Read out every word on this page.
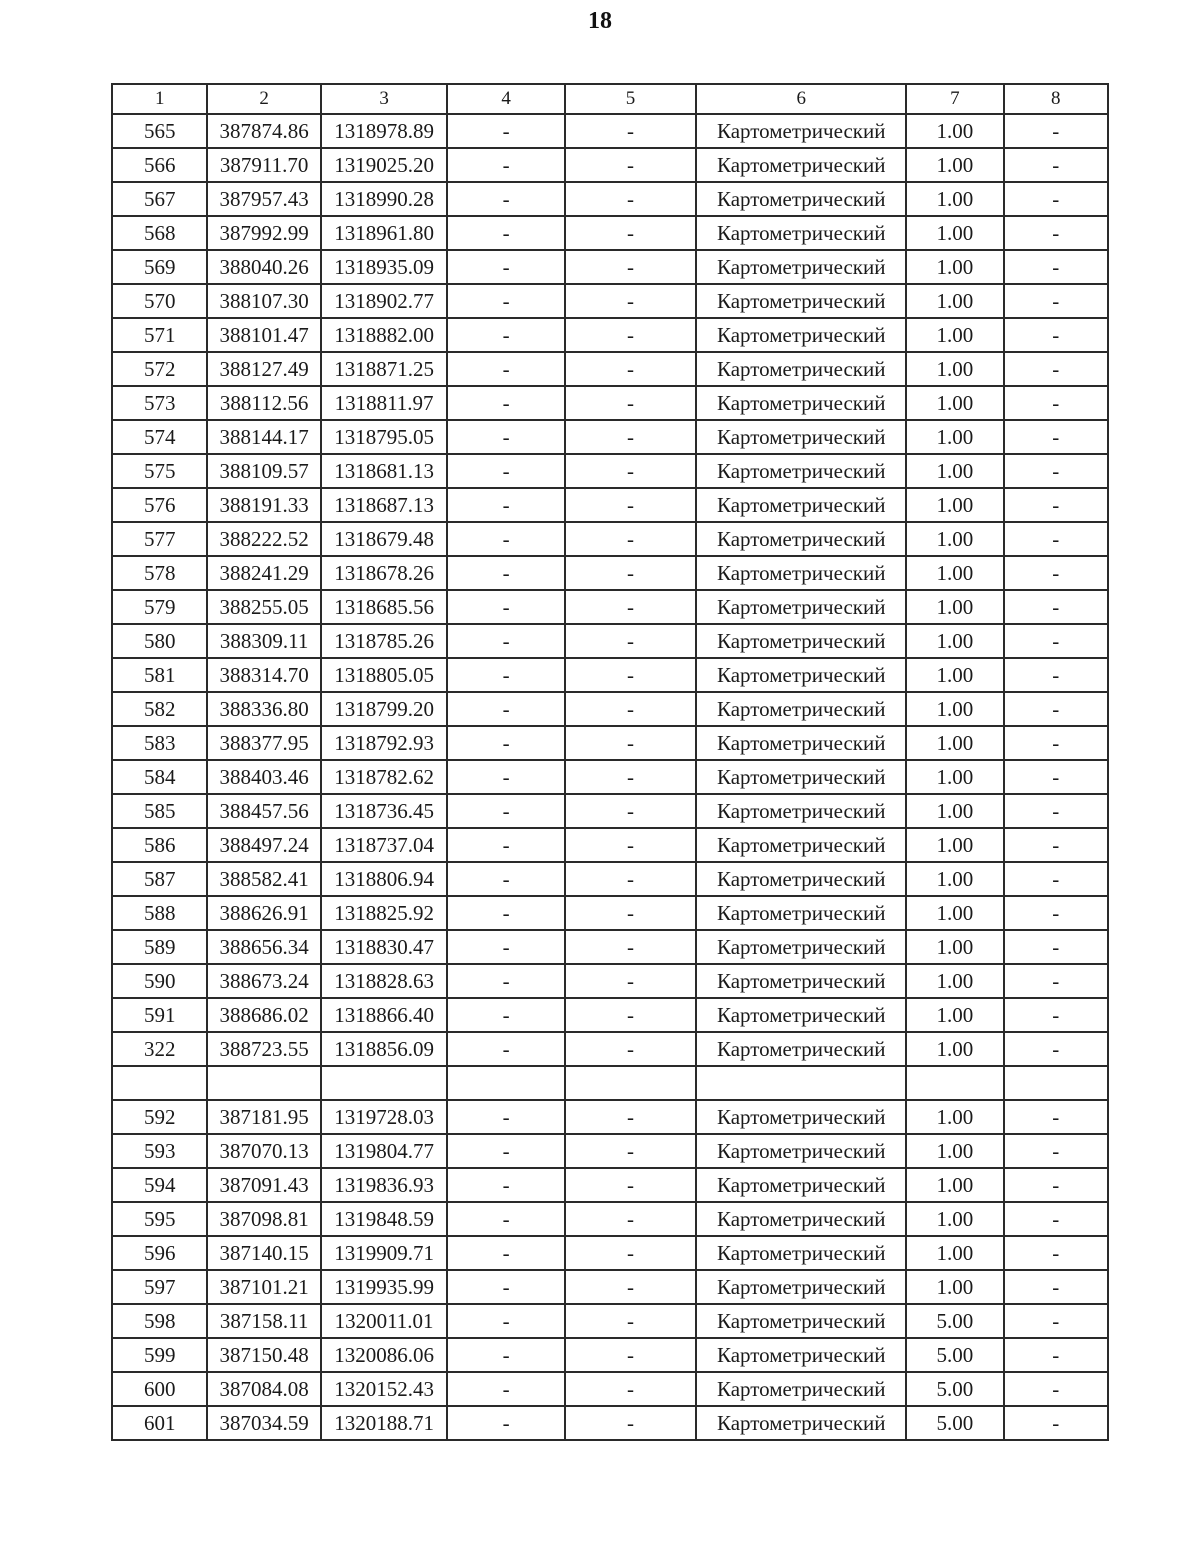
18
1	2	3	4	5	6	7	8
565	387874.86	1318978.89	-	-	Картометрический	1.00	-
566	387911.70	1319025.20	-	-	Картометрический	1.00	-
567	387957.43	1318990.28	-	-	Картометрический	1.00	-
568	387992.99	1318961.80	-	-	Картометрический	1.00	-
569	388040.26	1318935.09	-	-	Картометрический	1.00	-
570	388107.30	1318902.77	-	-	Картометрический	1.00	-
571	388101.47	1318882.00	-	-	Картометрический	1.00	-
572	388127.49	1318871.25	-	-	Картометрический	1.00	-
573	388112.56	1318811.97	-	-	Картометрический	1.00	-
574	388144.17	1318795.05	-	-	Картометрический	1.00	-
575	388109.57	1318681.13	-	-	Картометрический	1.00	-
576	388191.33	1318687.13	-	-	Картометрический	1.00	-
577	388222.52	1318679.48	-	-	Картометрический	1.00	-
578	388241.29	1318678.26	-	-	Картометрический	1.00	-
579	388255.05	1318685.56	-	-	Картометрический	1.00	-
580	388309.11	1318785.26	-	-	Картометрический	1.00	-
581	388314.70	1318805.05	-	-	Картометрический	1.00	-
582	388336.80	1318799.20	-	-	Картометрический	1.00	-
583	388377.95	1318792.93	-	-	Картометрический	1.00	-
584	388403.46	1318782.62	-	-	Картометрический	1.00	-
585	388457.56	1318736.45	-	-	Картометрический	1.00	-
586	388497.24	1318737.04	-	-	Картометрический	1.00	-
587	388582.41	1318806.94	-	-	Картометрический	1.00	-
588	388626.91	1318825.92	-	-	Картометрический	1.00	-
589	388656.34	1318830.47	-	-	Картометрический	1.00	-
590	388673.24	1318828.63	-	-	Картометрический	1.00	-
591	388686.02	1318866.40	-	-	Картометрический	1.00	-
322	388723.55	1318856.09	-	-	Картометрический	1.00	-

592	387181.95	1319728.03	-	-	Картометрический	1.00	-
593	387070.13	1319804.77	-	-	Картометрический	1.00	-
594	387091.43	1319836.93	-	-	Картометрический	1.00	-
595	387098.81	1319848.59	-	-	Картометрический	1.00	-
596	387140.15	1319909.71	-	-	Картометрический	1.00	-
597	387101.21	1319935.99	-	-	Картометрический	1.00	-
598	387158.11	1320011.01	-	-	Картометрический	5.00	-
599	387150.48	1320086.06	-	-	Картометрический	5.00	-
600	387084.08	1320152.43	-	-	Картометрический	5.00	-
601	387034.59	1320188.71	-	-	Картометрический	5.00	-
